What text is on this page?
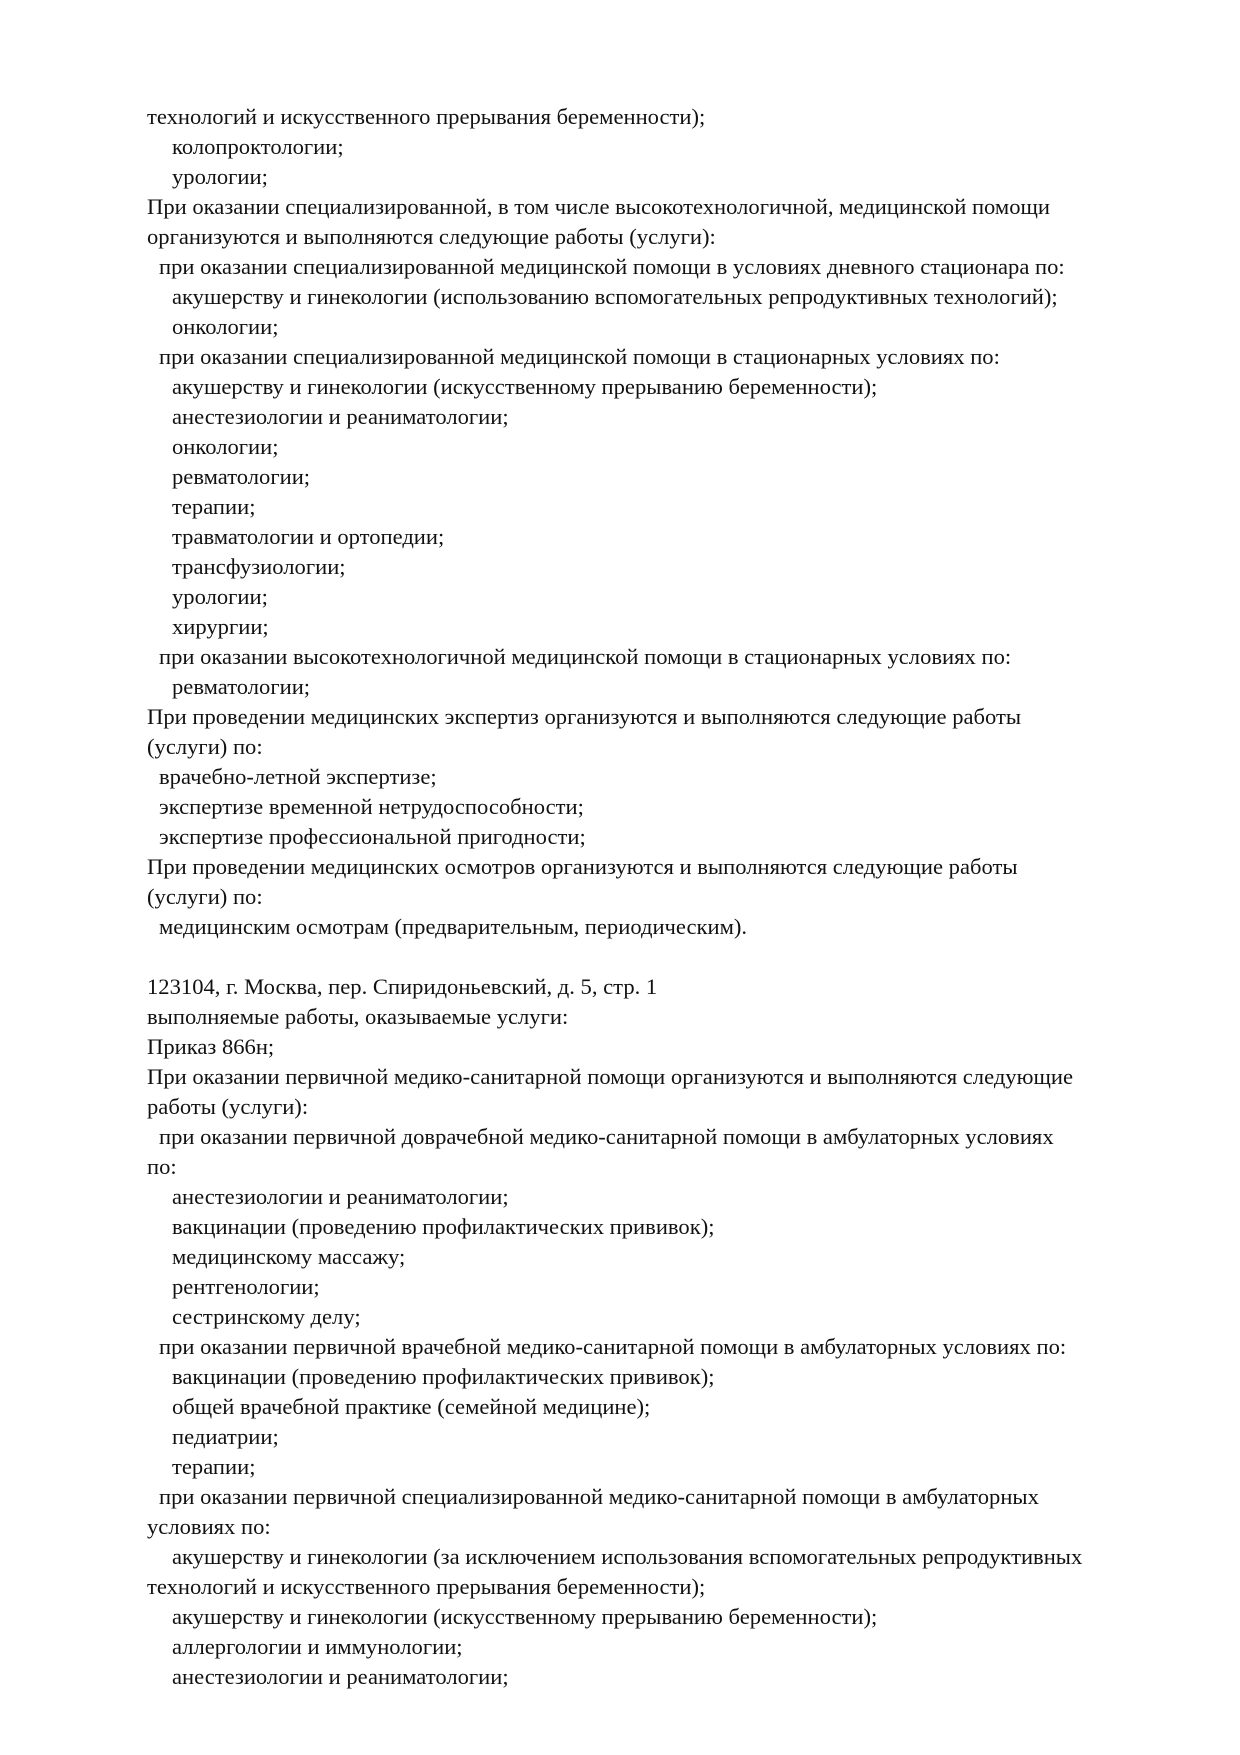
технологий и искусственного прерывания беременности);
колопроктологии;
урологии;
При оказании специализированной, в том числе высокотехнологичной, медицинской помощи
организуются и выполняются следующие работы (услуги):
при оказании специализированной медицинской помощи в условиях дневного стационара по:
акушерству и гинекологии (использованию вспомогательных репродуктивных технологий);
онкологии;
при оказании специализированной медицинской помощи в стационарных условиях по:
акушерству и гинекологии (искусственному прерыванию беременности);
анестезиологии и реаниматологии;
онкологии;
ревматологии;
терапии;
травматологии и ортопедии;
трансфузиологии;
урологии;
хирургии;
при оказании высокотехнологичной медицинской помощи в стационарных условиях по:
ревматологии;
При проведении медицинских экспертиз организуются и выполняются следующие работы
(услуги) по:
врачебно-летной экспертизе;
экспертизе временной нетрудоспособности;
экспертизе профессиональной пригодности;
При проведении медицинских осмотров организуются и выполняются следующие работы
(услуги) по:
медицинским осмотрам (предварительным, периодическим).
123104, г. Москва, пер. Спиридоньевский, д. 5, стр. 1
выполняемые работы, оказываемые услуги:
Приказ 866н;
При оказании первичной медико-санитарной помощи организуются и выполняются следующие
работы (услуги):
при оказании первичной доврачебной медико-санитарной помощи в амбулаторных условиях
по:
анестезиологии и реаниматологии;
вакцинации (проведению профилактических прививок);
медицинскому массажу;
рентгенологии;
сестринскому делу;
при оказании первичной врачебной медико-санитарной помощи в амбулаторных условиях по:
вакцинации (проведению профилактических прививок);
общей врачебной практике (семейной медицине);
педиатрии;
терапии;
при оказании первичной специализированной медико-санитарной помощи в амбулаторных
условиях по:
акушерству и гинекологии (за исключением использования вспомогательных репродуктивных
технологий и искусственного прерывания беременности);
акушерству и гинекологии (искусственному прерыванию беременности);
аллергологии и иммунологии;
анестезиологии и реаниматологии;
